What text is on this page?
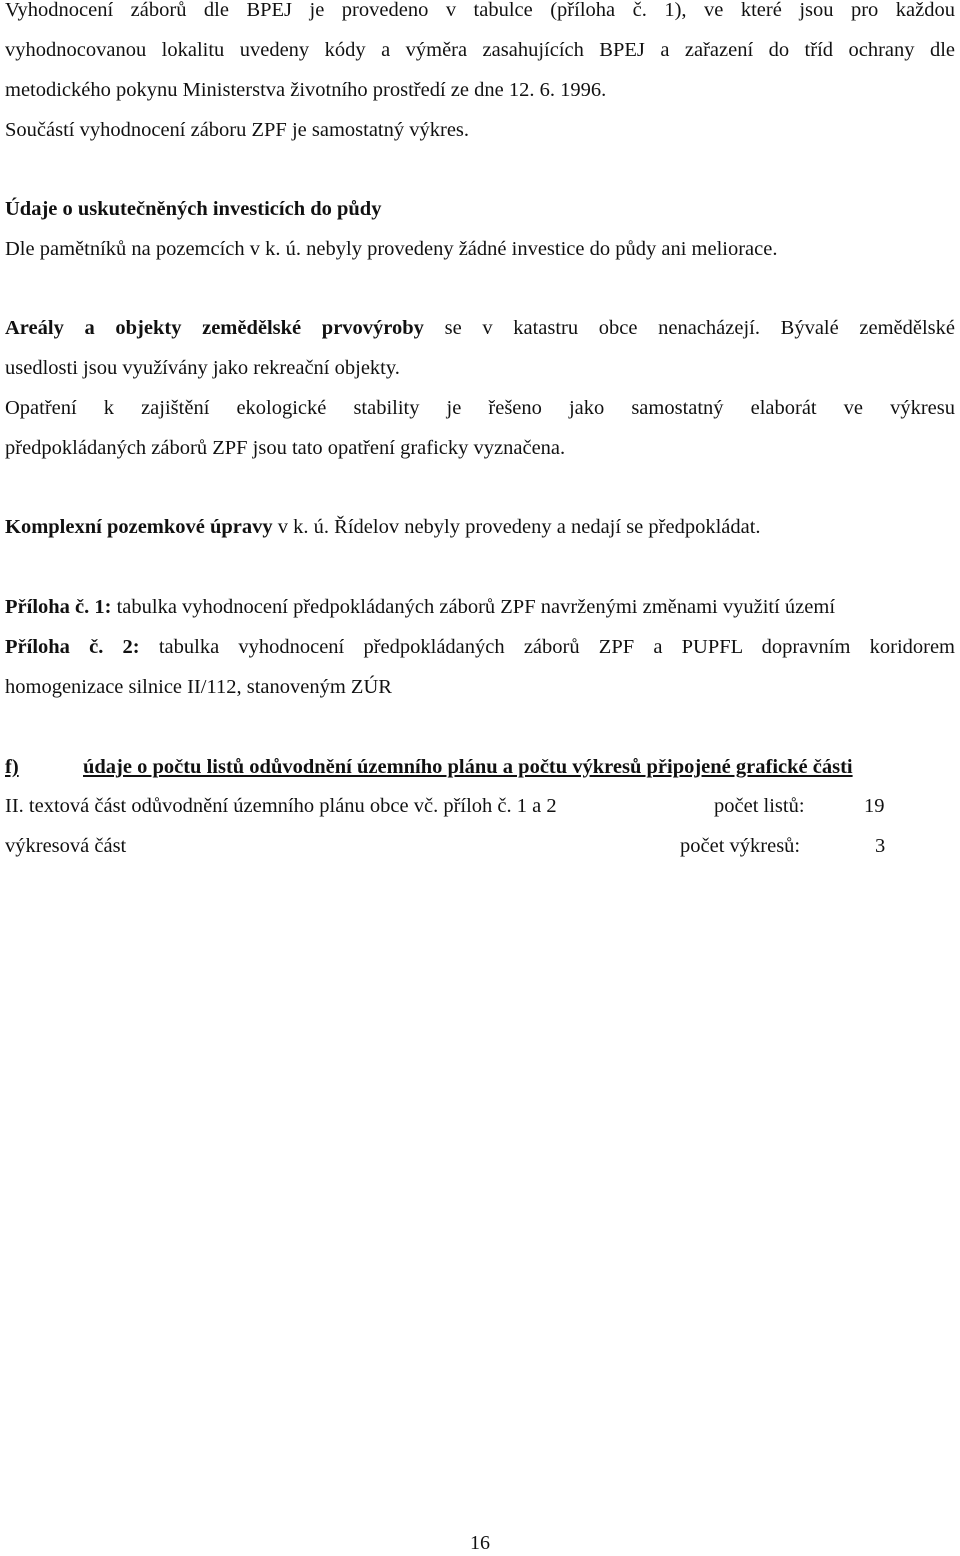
Vyhodnocení záborů dle BPEJ je provedeno v tabulce (příloha č. 1), ve které jsou pro každou
vyhodnocovanou lokalitu uvedeny kódy a výměra zasahujících BPEJ a zařazení do tříd ochrany dle
metodického pokynu Ministerstva životního prostředí ze dne 12. 6. 1996.
Součástí vyhodnocení záboru ZPF je samostatný výkres.
Údaje o uskutečněných investicích do půdy
Dle pamětníků na pozemcích v k. ú. nebyly provedeny žádné investice do půdy ani meliorace.
Areály a objekty zemědělské prvovýroby se v katastru obce nenacházejí. Bývalé zemědělské
usedlosti jsou využívány jako rekreační objekty.
Opatření k zajištění ekologické stability je řešeno jako samostatný elaborát ve výkresu
předpokládaných záborů ZPF jsou tato opatření graficky vyznačena.
Komplexní pozemkové úpravy v k. ú. Řídelov nebyly provedeny a nedají se předpokládat.
Příloha č. 1: tabulka vyhodnocení předpokládaných záborů ZPF navrženými změnami využití území
Příloha č. 2: tabulka vyhodnocení předpokládaných záborů ZPF a PUPFL dopravním koridorem
homogenizace silnice II/112, stanoveným ZÚR
f)	údaje o počtu listů odůvodnění územního plánu a počtu výkresů připojené grafické části
II. textová část odůvodnění územního plánu obce vč. příloh č. 1 a 2	počet listů:	19
výkresová část	počet výkresů:	3
16
